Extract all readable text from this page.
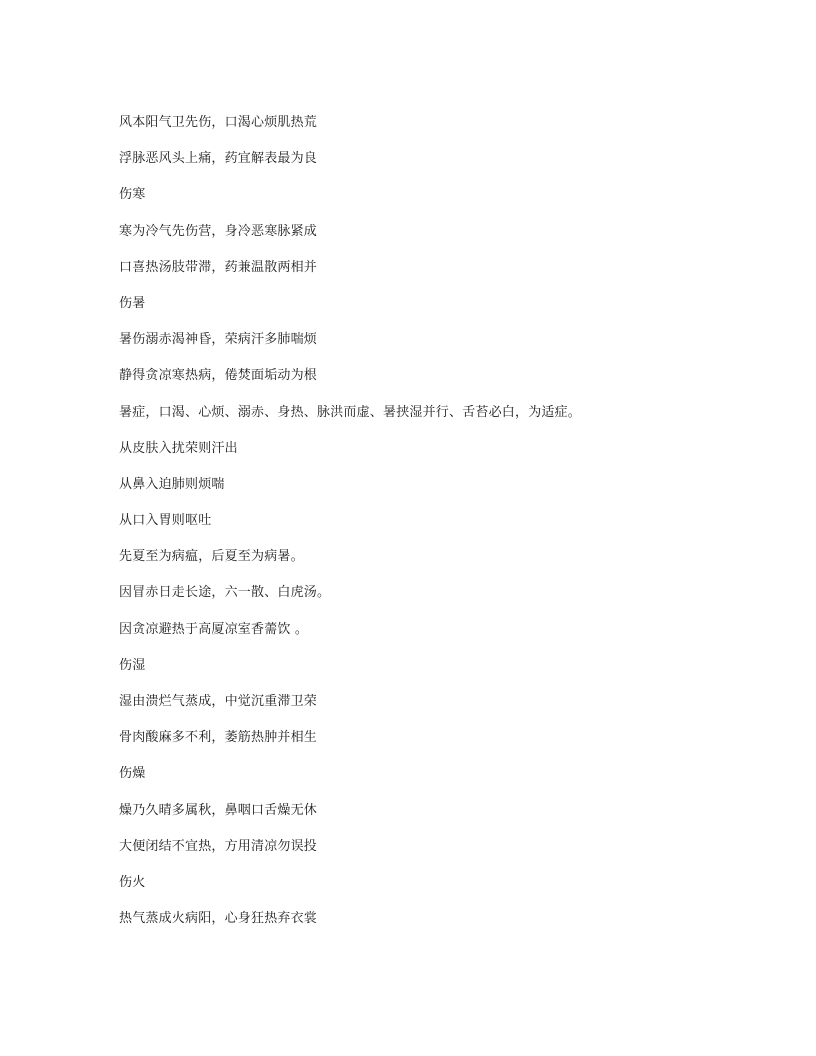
风本阳气卫先伤，口渴心烦肌热荒
浮脉恶风头上痛，药宜解表最为良
伤寒
寒为冷气先伤营，身冷恶寒脉紧成
口喜热汤肢带滞，药兼温散两相并
伤暑
暑伤溺赤渴神昏，荣病汗多肺喘烦
静得贪凉寒热病，倦焚面垢动为根
暑症，口渴、心烦、溺赤、身热、脉洪而虚、暑挟湿并行、舌苔必白，为适症。
从皮肤入扰荣则汗出
从鼻入迫肺则烦喘
从口入胃则呕吐
先夏至为病瘟，后夏至为病暑。
因冒赤日走长途，六一散、白虎汤。
因贪凉避热于高厦凉室香薷饮 。
伤湿
湿由溃烂气蒸成，中觉沉重滞卫荣
骨肉酸麻多不利，萎筋热肿并相生
伤燥
燥乃久晴多属秋，鼻咽口舌燥无休
大便闭结不宜热，方用清凉勿误投
伤火
热气蒸成火病阳，心身狂热弃衣裳
